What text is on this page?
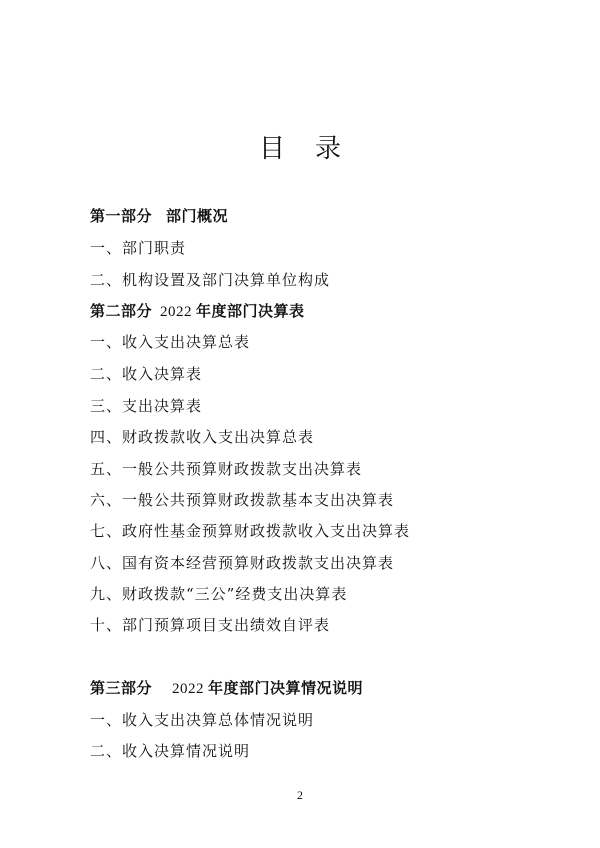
目录
第一部分 部门概况
一、部门职责
二、机构设置及部门决算单位构成
第二部分 2022 年度部门决算表
一、收入支出决算总表
二、收入决算表
三、支出决算表
四、财政拨款收入支出决算总表
五、一般公共预算财政拨款支出决算表
六、一般公共预算财政拨款基本支出决算表
七、政府性基金预算财政拨款收入支出决算表
八、国有资本经营预算财政拨款支出决算表
九、财政拨款“三公”经费支出决算表
十、部门预算项目支出绩效自评表
第三部分 2022 年度部门决算情况说明
一、收入支出决算总体情况说明
二、收入决算情况说明
2
